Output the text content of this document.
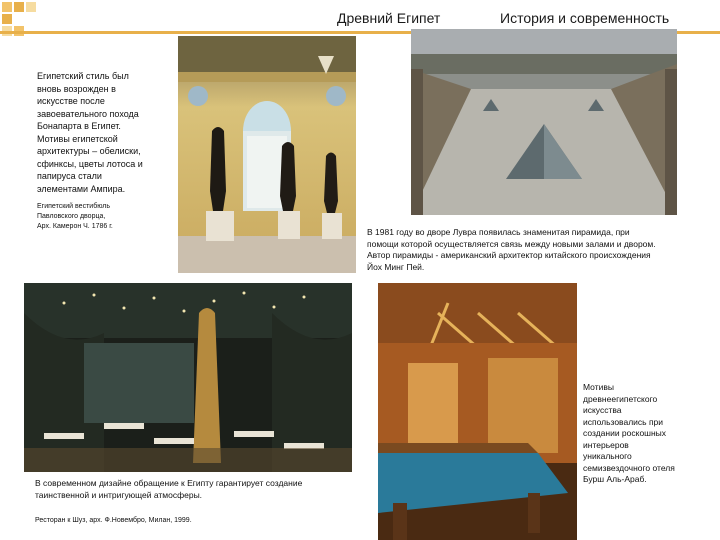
Древний Египет	История и современность
Египетский стиль был
вновь возрожден в
искусстве после
завоевательного похода
Бонапарта в Египет.
Мотивы египетской
архитектуры – обелиски,
сфинксы, цветы лотоса и
папируса стали
элементами Ампира.
Египетский вестибюль
Павловского дворца,
Арх. Камерон Ч. 1786 г.
В 1981 году во дворе Лувра появилась знаменитая пирамида, при
помощи которой осуществляется связь между новыми залами и двором.
Автор пирамиды - американский архитектор китайского происхождения
Йох Минг Пей.
В современном дизайне обращение к Египту гарантирует создание
таинственной и интригующей атмосферы.
Ресторан к Шуз, арх. Ф.Новембро, Милан, 1999.
Мотивы
древнеегипетского
искусства
использовались при
создании роскошных
интерьеров
уникального
семизвездочного отеля
Бурш Аль-Араб.
